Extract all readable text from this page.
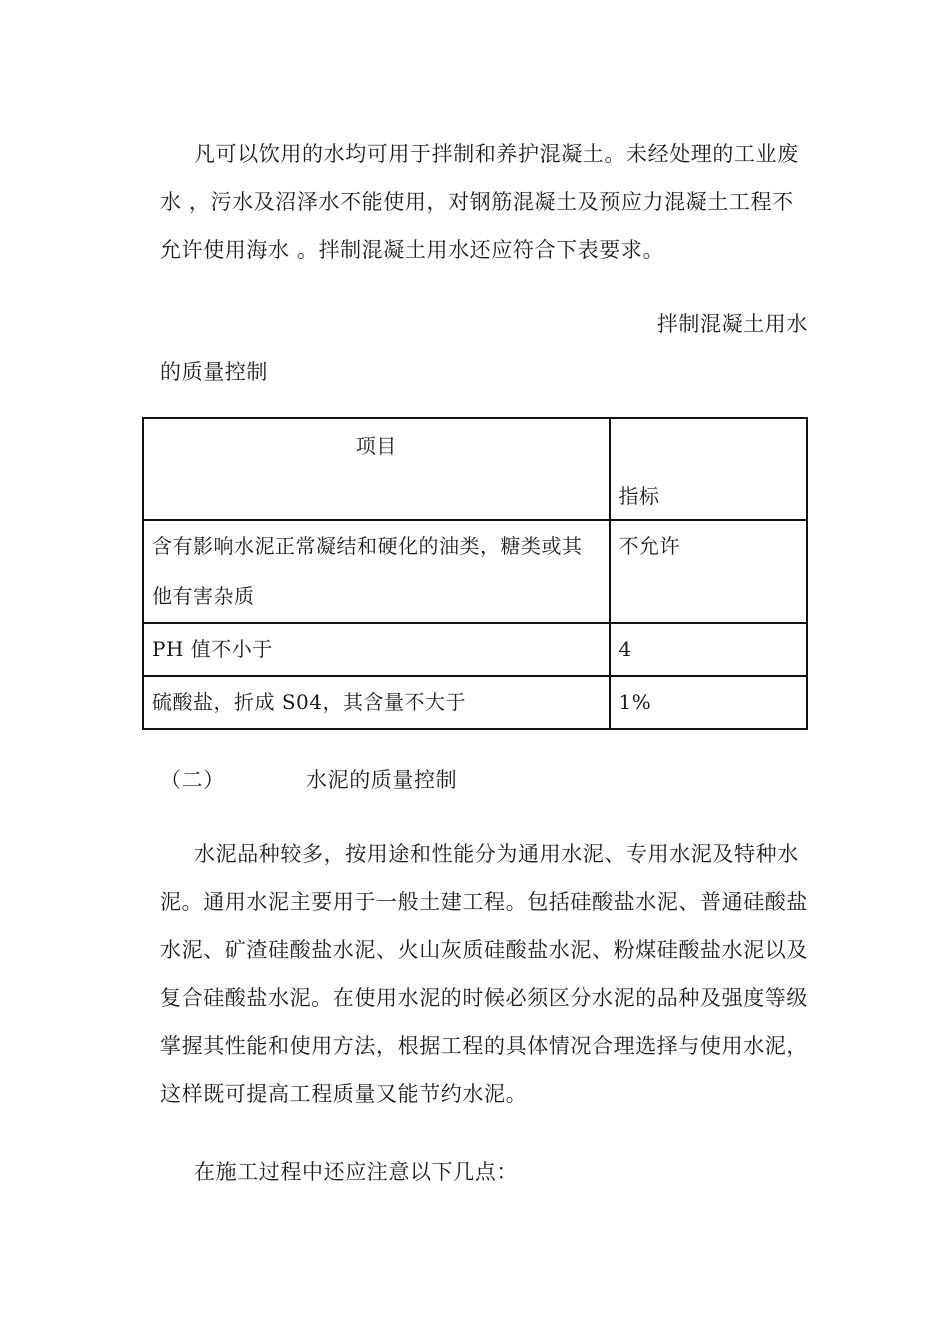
凡可以饮用的水均可用于拌制和养护混凝土。未经处理的工业废水 ，污水及沼泽水不能使用，对钢筋混凝土及预应力混凝土工程不允许使用海水 。拌制混凝土用水还应符合下表要求。

拌制混凝土用水
的质量控制
项目	指标
含有影响水泥正常凝结和硬化的油类，糖类或其他有害杂质	不允许
PH 值不小于	4
硫酸盐，折成 S04，其含量不大于	1%
（二）	水泥的质量控制

水泥品种较多，按用途和性能分为通用水泥、专用水泥及特种水泥。通用水泥主要用于一般土建工程。包括硅酸盐水泥、普通硅酸盐水泥、矿渣硅酸盐水泥、火山灰质硅酸盐水泥、粉煤硅酸盐水泥以及复合硅酸盐水泥。在使用水泥的时候必须区分水泥的品种及强度等级掌握其性能和使用方法，根据工程的具体情况合理选择与使用水泥，这样既可提高工程质量又能节约水泥。

在施工过程中还应注意以下几点：
